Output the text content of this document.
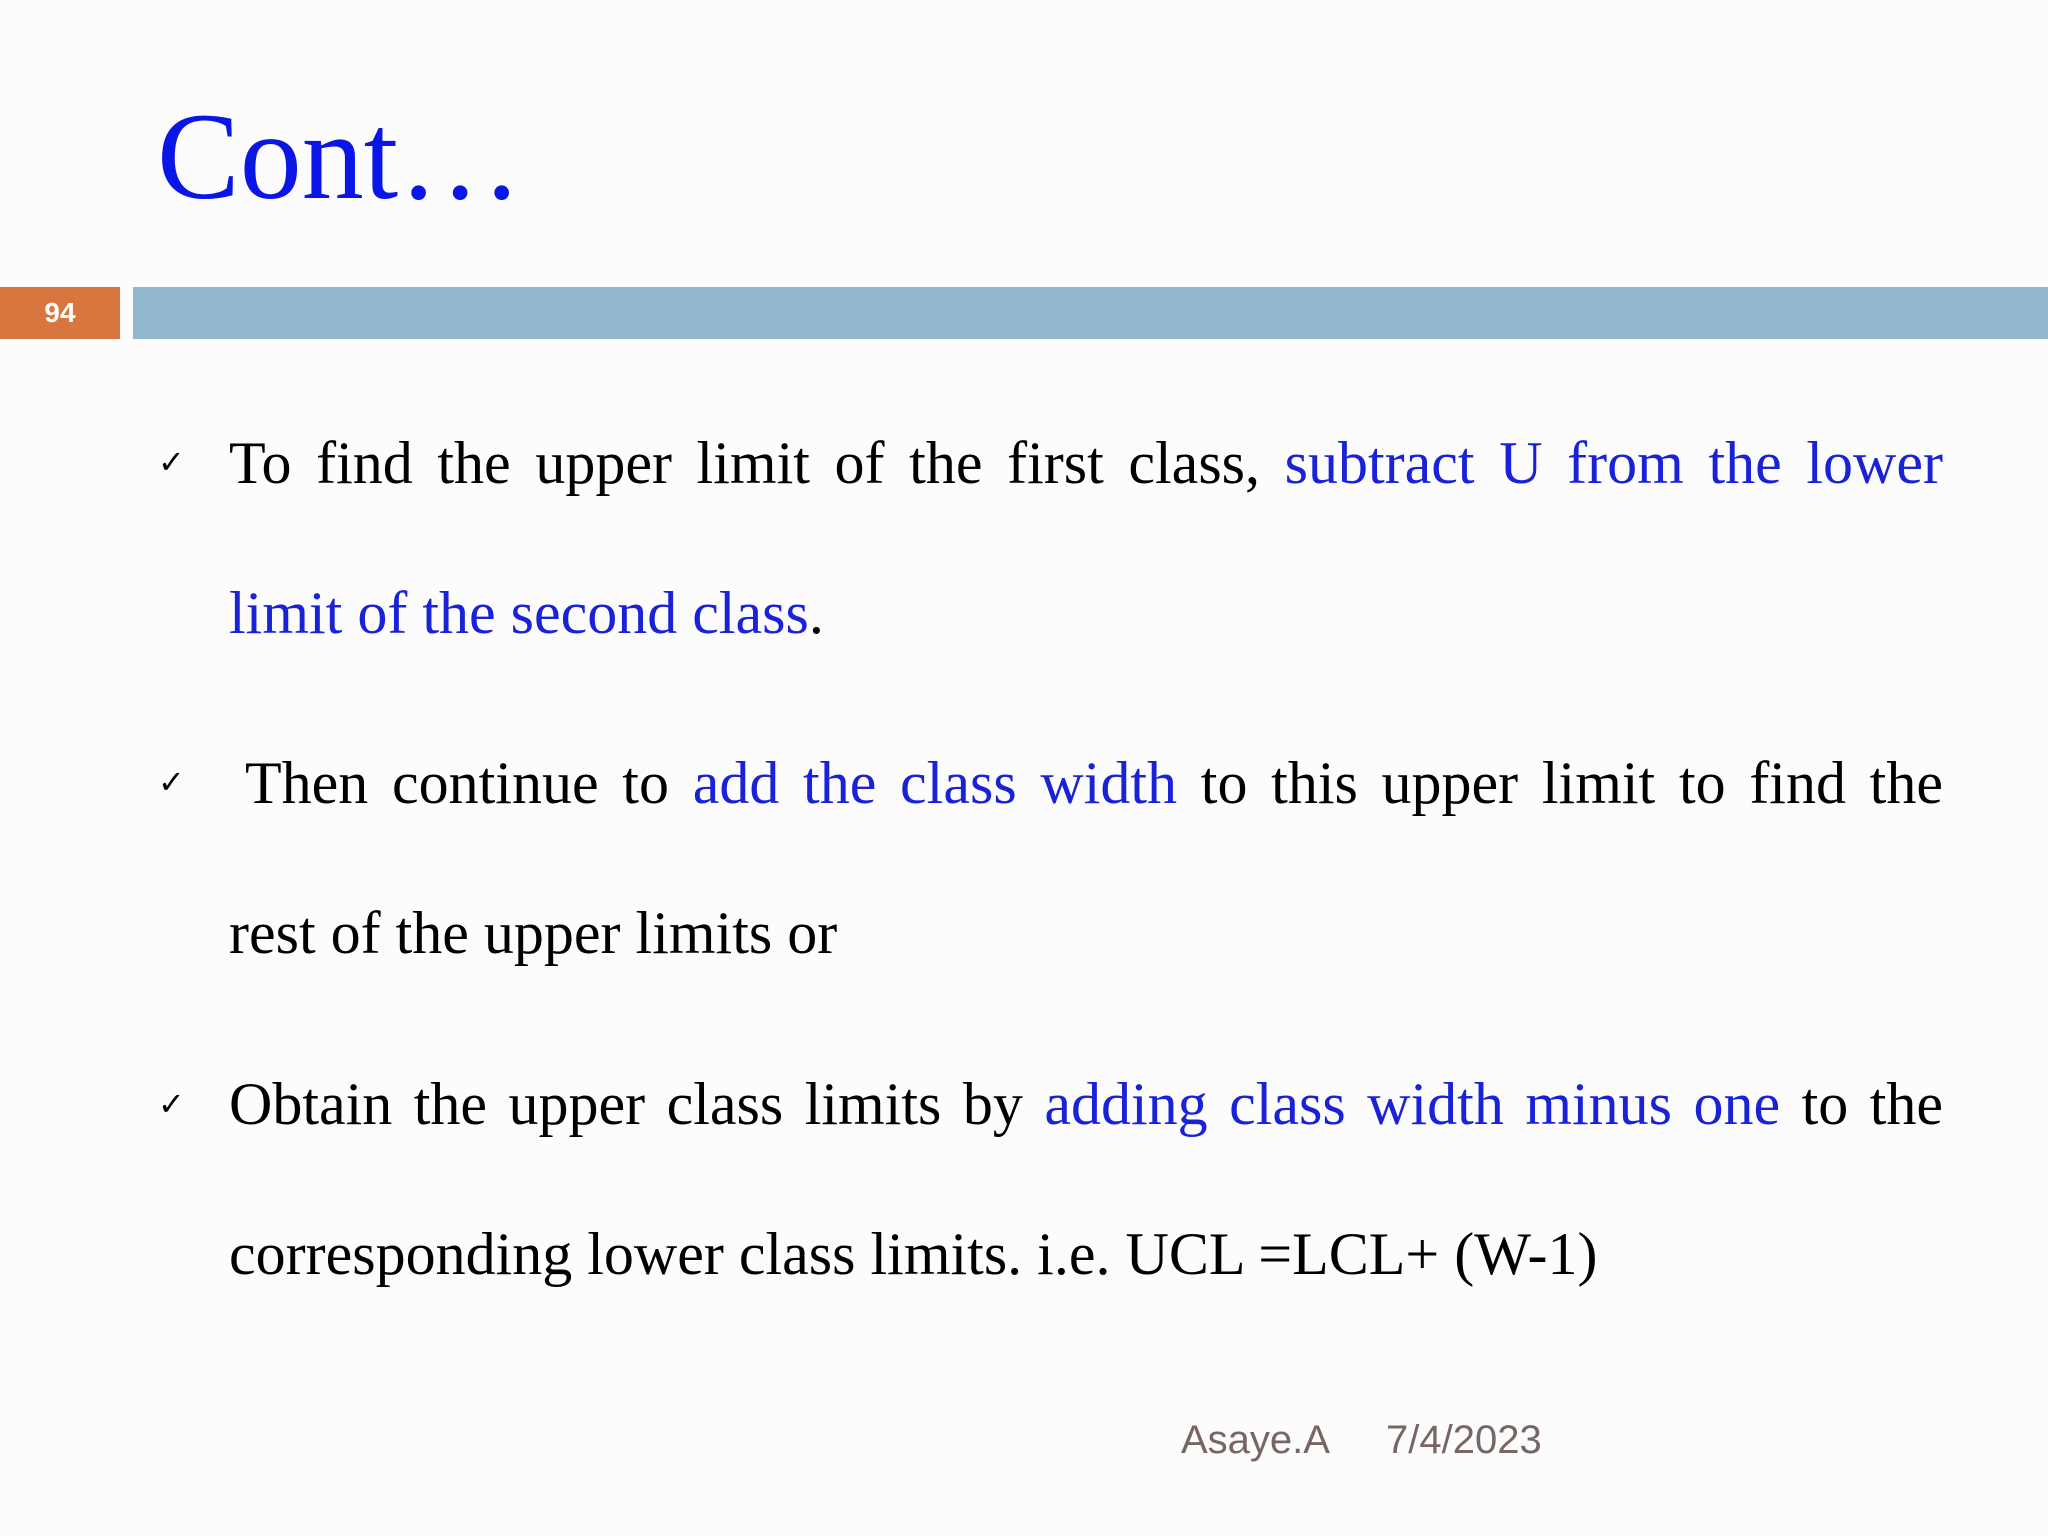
Cont…
94
✓ To find the upper limit of the first class, subtract U from the lower
limit of the second class.
✓ Then continue to add the class width to this upper limit to find the
rest of the upper limits or
✓ Obtain the upper class limits by adding class width minus one to the
corresponding lower class limits. i.e. UCL =LCL+ (W-1)
Asaye.A 7/4/2023
